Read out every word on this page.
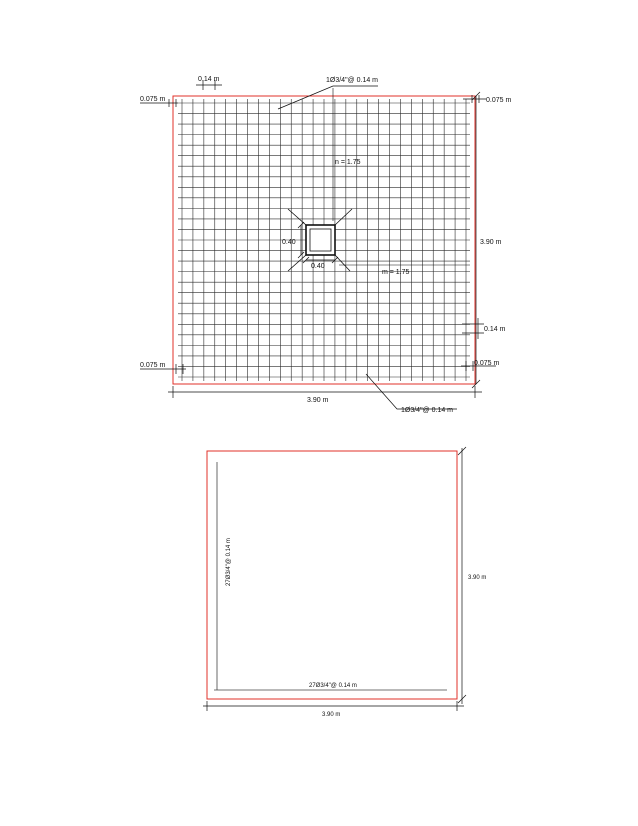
0.14 m	1Ø3/4"@ 0.14 m
0.075 m	0.075 m
n = 1.75
m = 1.75
0.40
0.40
3.90 m
0.14 m
0.075 m	0.075 m
3.90 m
1Ø3/4"@ 0.14 m
27Ø3/4"@ 0.14 m
27Ø3/4"@ 0.14 m
3.90 m
3.90 m
